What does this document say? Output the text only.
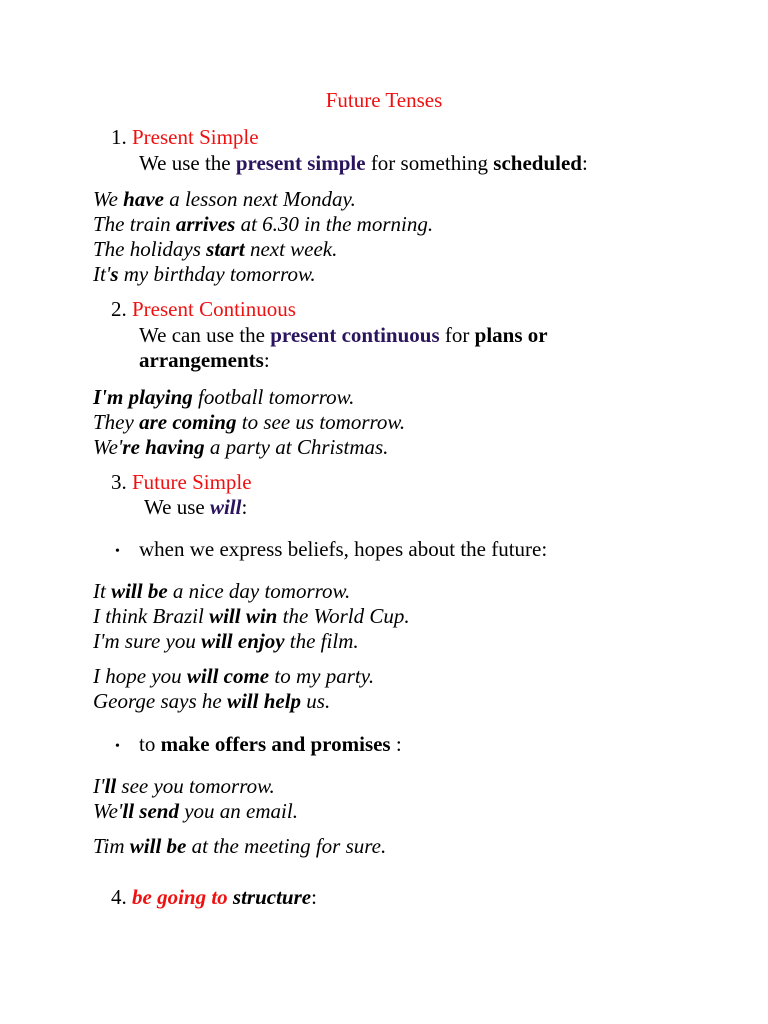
Future Tenses
1. Present Simple
We use the present simple for something scheduled:
We have a lesson next Monday.
The train arrives at 6.30 in the morning.
The holidays start next week.
It's my birthday tomorrow.
2. Present Continuous
We can use the present continuous for plans or
arrangements:
I'm playing football tomorrow.
They are coming to see us tomorrow.
We're having a party at Christmas.
3. Future Simple
We use will:
• when we express beliefs, hopes about the future:
It will be a nice day tomorrow.
I think Brazil will win the World Cup.
I'm sure you will enjoy the film.
I hope you will come to my party.
George says he will help us.
• to make offers and promises :
I'll see you tomorrow.
We'll send you an email.
Tim will be at the meeting for sure.
4. be going to structure:
